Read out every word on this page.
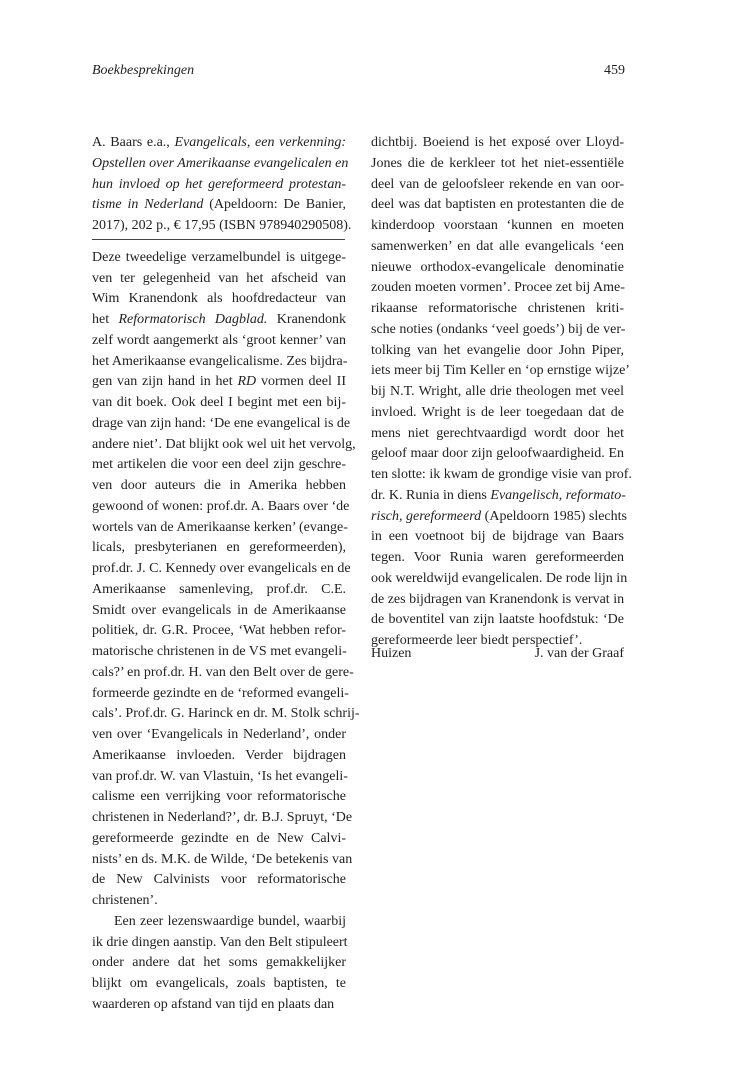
Boekbesprekingen	459
A. Baars e.a., Evangelicals, een verkenning:
Opstellen over Amerikaanse evangelicalen en
hun invloed op het gereformeerd protestan-
tisme in Nederland (Apeldoorn: De Banier,
2017), 202 p., € 17,95 (ISBN 978940290508).
Deze tweedelige verzamelbundel is uitgege-
ven ter gelegenheid van het afscheid van
Wim Kranendonk als hoofdredacteur van
het Reformatorisch Dagblad. Kranendonk
zelf wordt aangemerkt als ‘groot kenner’ van
het Amerikaanse evangelicalisme. Zes bijdra-
gen van zijn hand in het RD vormen deel II
van dit boek. Ook deel I begint met een bij-
drage van zijn hand: ‘De ene evangelical is de
andere niet’. Dat blijkt ook wel uit het vervolg,
met artikelen die voor een deel zijn geschre-
ven door auteurs die in Amerika hebben
gewoond of wonen: prof.dr. A. Baars over ‘de
wortels van de Amerikaanse kerken’ (evange-
licals, presbyterianen en gereformeerden),
prof.dr. J. C. Kennedy over evangelicals en de
Amerikaanse samenleving, prof.dr. C.E.
Smidt over evangelicals in de Amerikaanse
politiek, dr. G.R. Procee, ‘Wat hebben refor-
matorische christenen in de VS met evangeli-
cals?’ en prof.dr. H. van den Belt over de gere-
formeerde gezindte en de ‘reformed evangeli-
cals’. Prof.dr. G. Harinck en dr. M. Stolk schrij-
ven over ‘Evangelicals in Nederland’, onder
Amerikaanse invloeden. Verder bijdragen
van prof.dr. W. van Vlastuin, ‘Is het evangeli-
calisme een verrijking voor reformatorische
christenen in Nederland?’, dr. B.J. Spruyt, ‘De
gereformeerde gezindte en de New Calvi-
nists’ en ds. M.K. de Wilde, ‘De betekenis van
de New Calvinists voor reformatorische
christenen’.
Een zeer lezenswaardige bundel, waarbij
ik drie dingen aanstip. Van den Belt stipuleert
onder andere dat het soms gemakkelijker
blijkt om evangelicals, zoals baptisten, te
waarderen op afstand van tijd en plaats dan
dichtbij. Boeiend is het exposé over Lloyd-
Jones die de kerkleer tot het niet-essentiële
deel van de geloofsleer rekende en van oor-
deel was dat baptisten en protestanten die de
kinderdoop voorstaan ‘kunnen en moeten
samenwerken’ en dat alle evangelicals ‘een
nieuwe orthodox-evangelicale denominatie
zouden moeten vormen’. Procee zet bij Ame-
rikaanse reformatorische christenen kriti-
sche noties (ondanks ‘veel goeds’) bij de ver-
tolking van het evangelie door John Piper,
iets meer bij Tim Keller en ‘op ernstige wijze’
bij N.T. Wright, alle drie theologen met veel
invloed. Wright is de leer toegedaan dat de
mens niet gerechtvaardigd wordt door het
geloof maar door zijn geloofwaardigheid. En
ten slotte: ik kwam de grondige visie van prof.
dr. K. Runia in diens Evangelisch, reformato-
risch, gereformeerd (Apeldoorn 1985) slechts
in een voetnoot bij de bijdrage van Baars
tegen. Voor Runia waren gereformeerden
ook wereldwijd evangelicalen. De rode lijn in
de zes bijdragen van Kranendonk is vervat in
de boventitel van zijn laatste hoofdstuk: ‘De
gereformeerde leer biedt perspectief’.
Huizen	J. van der Graaf
